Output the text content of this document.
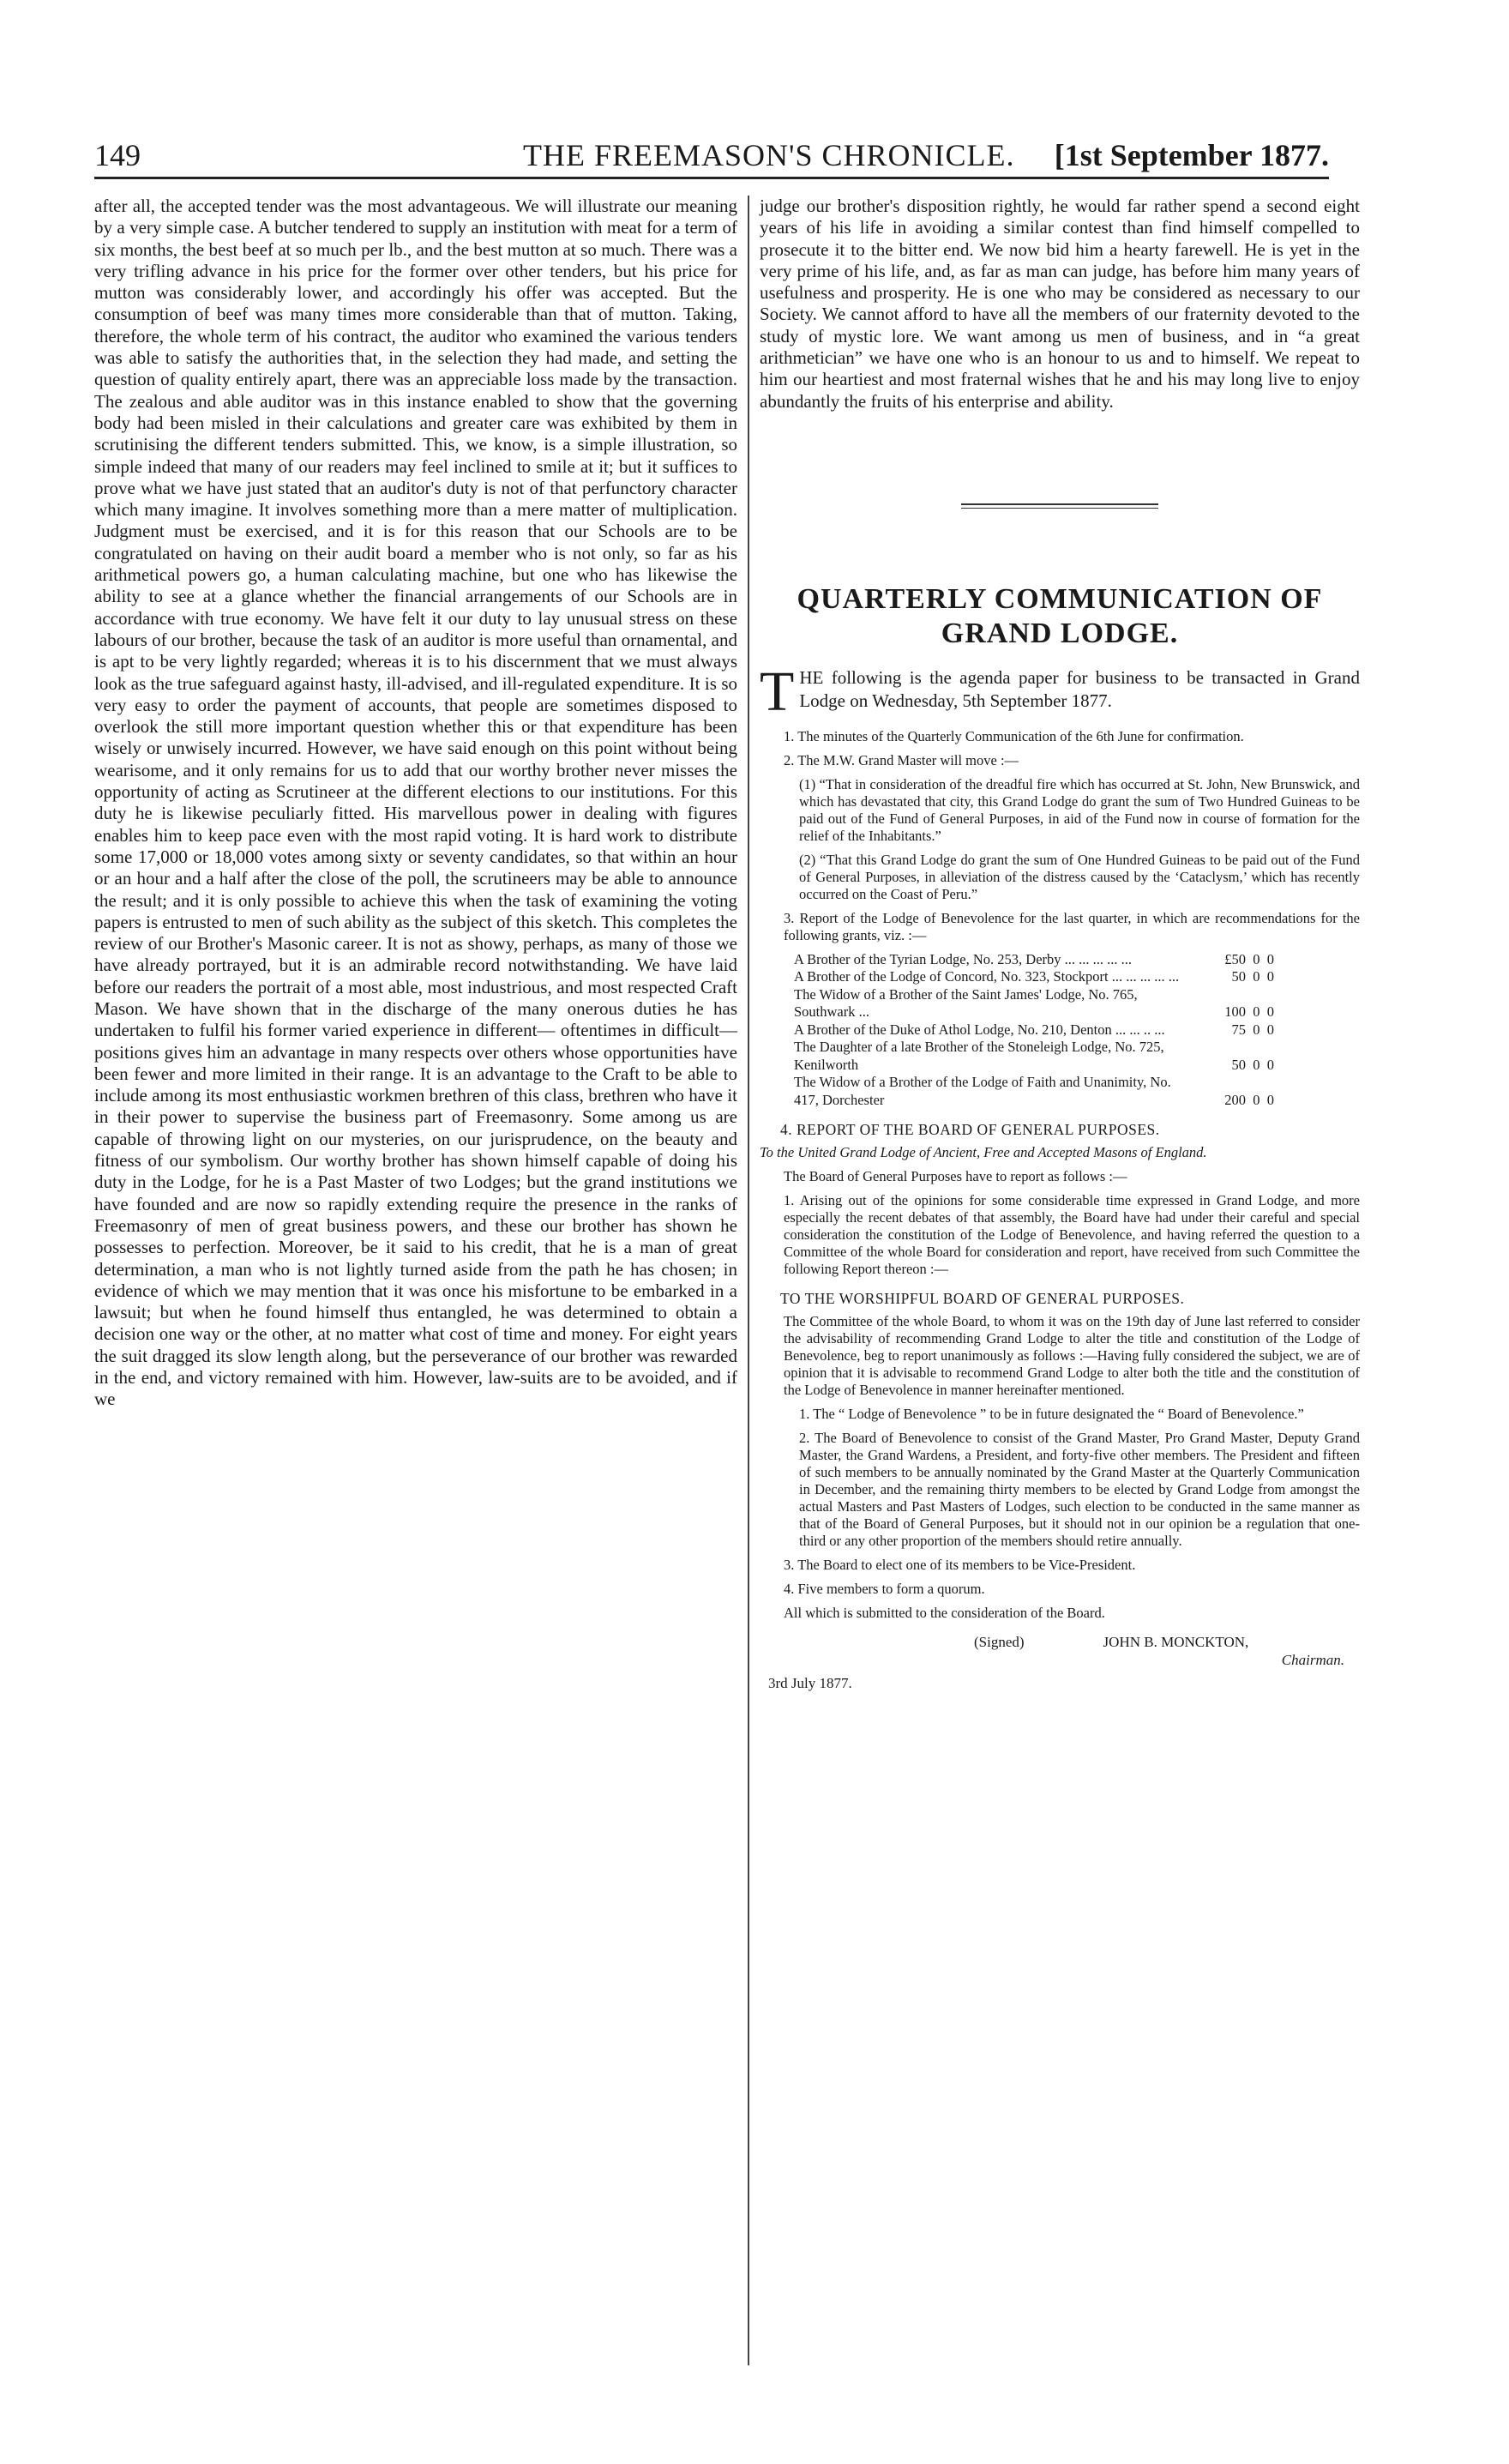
149	THE FREEMASON'S CHRONICLE. [1st September 1877.

after all, the accepted tender was the most advantageous. We will illustrate our meaning by a very simple case. A butcher tendered to supply an institution with meat for a term of six months, the best beef at so much per lb., and the best mutton at so much. There was a very trifling advance in his price for the former over other tenders, but his price for mutton was considerably lower, and accordingly his offer was accepted. But the consumption of beef was many times more considerable than that of mutton. Taking, therefore, the whole term of his contract, the auditor who examined the various tenders was able to satisfy the authorities that, in the selection they had made, and setting the question of quality entirely apart, there was an appreciable loss made by the transaction. The zealous and able auditor was in this instance enabled to show that the governing body had been misled in their calculations and greater care was exhibited by them in scrutinising the different tenders submitted. This, we know, is a simple illustration, so simple indeed that many of our readers may feel inclined to smile at it; but it suffices to prove what we have just stated that an auditor's duty is not of that perfunctory character which many imagine. It involves something more than a mere matter of multiplication. Judgment must be exercised, and it is for this reason that our Schools are to be congratulated on having on their audit board a member who is not only, so far as his arithmetical powers go, a human calculating machine, but one who has likewise the ability to see at a glance whether the financial arrangements of our Schools are in accordance with true economy. We have felt it our duty to lay unusual stress on these labours of our brother, because the task of an auditor is more useful than ornamental, and is apt to be very lightly regarded; whereas it is to his discernment that we must always look as the true safeguard against hasty, ill-advised, and ill-regulated expenditure. It is so very easy to order the payment of accounts, that people are sometimes disposed to overlook the still more important question whether this or that expenditure has been wisely or unwisely incurred. However, we have said enough on this point without being wearisome, and it only remains for us to add that our worthy brother never misses the opportunity of acting as Scrutineer at the different elections to our institutions. For this duty he is likewise peculiarly fitted. His marvellous power in dealing with figures enables him to keep pace even with the most rapid voting. It is hard work to distribute some 17,000 or 18,000 votes among sixty or seventy candidates, so that within an hour or an hour and a half after the close of the poll, the scrutineers may be able to announce the result; and it is only possible to achieve this when the task of examining the voting papers is entrusted to men of such ability as the subject of this sketch. This completes the review of our Brother's Masonic career. It is not as showy, perhaps, as many of those we have already portrayed, but it is an admirable record notwithstanding. We have laid before our readers the portrait of a most able, most industrious, and most respected Craft Mason. We have shown that in the discharge of the many onerous duties he has undertaken to fulfil his former varied experience in different— oftentimes in difficult— positions gives him an advantage in many respects over others whose opportunities have been fewer and more limited in their range. It is an advantage to the Craft to be able to include among its most enthusiastic workmen brethren of this class, brethren who have it in their power to supervise the business part of Freemasonry. Some among us are capable of throwing light on our mysteries, on our jurisprudence, on the beauty and fitness of our symbolism. Our worthy brother has shown himself capable of doing his duty in the Lodge, for he is a Past Master of two Lodges; but the grand institutions we have founded and are now so rapidly extending require the presence in the ranks of Freemasonry of men of great business powers, and these our brother has shown he possesses to perfection. Moreover, be it said to his credit, that he is a man of great determination, a man who is not lightly turned aside from the path he has chosen; in evidence of which we may mention that it was once his misfortune to be embarked in a lawsuit; but when he found himself thus entangled, he was determined to obtain a decision one way or the other, at no matter what cost of time and money. For eight years the suit dragged its slow length along, but the perseverance of our brother was rewarded in the end, and victory remained with him. However, law-suits are to be avoided, and if we

judge our brother's disposition rightly, he would far rather spend a second eight years of his life in avoiding a similar contest than find himself compelled to prosecute it to the bitter end. We now bid him a hearty farewell. He is yet in the very prime of his life, and, as far as man can judge, has before him many years of usefulness and prosperity. He is one who may be considered as necessary to our Society. We cannot afford to have all the members of our fraternity devoted to the study of mystic lore. We want among us men of business, and in “a great arithmetician” we have one who is an honour to us and to himself. We repeat to him our heartiest and most fraternal wishes that he and his may long live to enjoy abundantly the fruits of his enterprise and ability.

QUARTERLY COMMUNICATION OF
GRAND LODGE.

THE following is the agenda paper for business to be transacted in Grand Lodge on Wednesday, 5th September 1877.

1. The minutes of the Quarterly Communication of the 6th June for confirmation.

2. The M.W. Grand Master will move :—

(1) “That in consideration of the dreadful fire which has occurred at St. John, New Brunswick, and which has devastated that city, this Grand Lodge do grant the sum of Two Hundred Guineas to be paid out of the Fund of General Purposes, in aid of the Fund now in course of formation for the relief of the Inhabitants.”

(2) “That this Grand Lodge do grant the sum of One Hundred Guineas to be paid out of the Fund of General Purposes, in alleviation of the distress caused by the ‘Cataclysm,’ which has recently occurred on the Coast of Peru.”

3. Report of the Lodge of Benevolence for the last quarter, in which are recommendations for the following grants, viz. :—

A Brother of the Tyrian Lodge, No. 253, Derby ... ... ... ... ...	£50  0  0
A Brother of the Lodge of Concord, No. 323, Stockport ... ... ... ... ...	50  0  0
The Widow of a Brother of the Saint James' Lodge, No. 765, Southwark ...	100  0  0
A Brother of the Duke of Athol Lodge, No. 210, Denton ... ... .. ...	75  0  0
The Daughter of a late Brother of the Stoneleigh Lodge, No. 725, Kenilworth	50  0  0
The Widow of a Brother of the Lodge of Faith and Unanimity, No. 417, Dorchester	200  0  0
4. REPORT OF THE BOARD OF GENERAL PURPOSES.

To the United Grand Lodge of Ancient, Free and Accepted Masons of England.

The Board of General Purposes have to report as follows :—

1. Arising out of the opinions for some considerable time expressed in Grand Lodge, and more especially the recent debates of that assembly, the Board have had under their careful and special consideration the constitution of the Lodge of Benevolence, and having referred the question to a Committee of the whole Board for consideration and report, have received from such Committee the following Report thereon :—

TO THE WORSHIPFUL BOARD OF GENERAL PURPOSES.

The Committee of the whole Board, to whom it was on the 19th day of June last referred to consider the advisability of recommending Grand Lodge to alter the title and constitution of the Lodge of Benevolence, beg to report unanimously as follows :—Having fully considered the subject, we are of opinion that it is advisable to recommend Grand Lodge to alter both the title and the constitution of the Lodge of Benevolence in manner hereinafter mentioned.

1. The “ Lodge of Benevolence ” to be in future designated the “ Board of Benevolence.”

2. The Board of Benevolence to consist of the Grand Master, Pro Grand Master, Deputy Grand Master, the Grand Wardens, a President, and forty-five other members. The President and fifteen of such members to be annually nominated by the Grand Master at the Quarterly Communication in December, and the remaining thirty members to be elected by Grand Lodge from amongst the actual Masters and Past Masters of Lodges, such election to be conducted in the same manner as that of the Board of General Purposes, but it should not in our opinion be a regulation that one-third or any other proportion of the members should retire annually.

3. The Board to elect one of its members to be Vice-President.

4. Five members to form a quorum.

All which is submitted to the consideration of the Board.

(Signed)	JOHN B. MONCKTON,
Chairman.
3rd July 1877.
